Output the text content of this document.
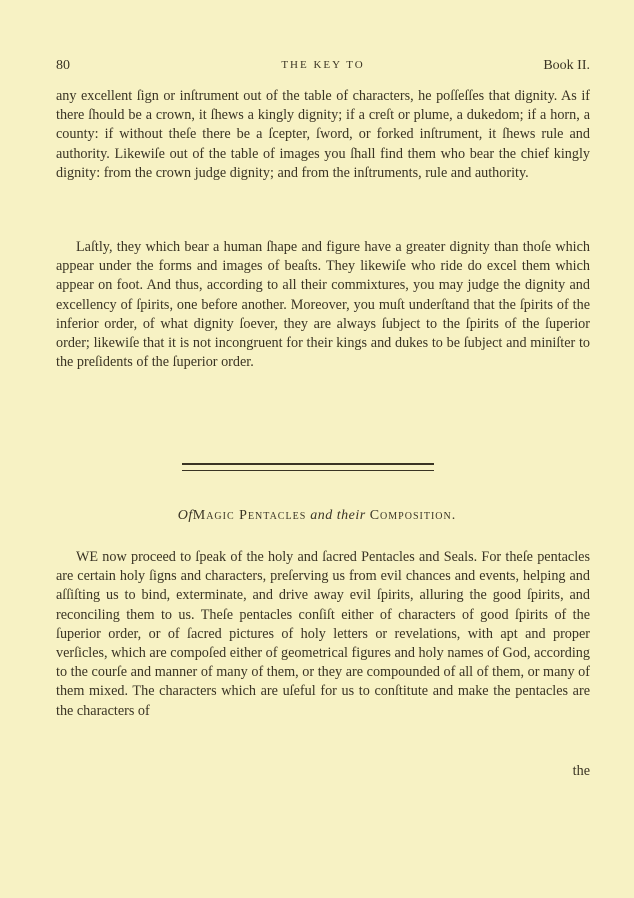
80	THE KEY TO	Book II.

any excellent ſign or inſtrument out of the table of characters, he poſſeſſes that dignity. As if there ſhould be a crown, it ſhews a kingly dignity; if a creſt or plume, a dukedom; if a horn, a county: if without theſe there be a ſcepter, ſword, or forked inſtrument, it ſhews rule and authority. Likewiſe out of the table of images you ſhall find them who bear the chief kingly dignity: from the crown judge dignity; and from the inſtruments, rule and authority.

Laſtly, they which bear a human ſhape and figure have a greater dignity than thoſe which appear under the forms and images of beaſts. They likewiſe who ride do excel them which appear on foot. And thus, according to all their commixtures, you may judge the dignity and excellency of ſpirits, one before another. Moreover, you muſt underſtand that the ſpirits of the inferior order, of what dignity ſoever, they are always ſubject to the ſpirits of the ſuperior order; likewiſe that it is not incongruent for their kings and dukes to be ſubject and miniſter to the preſidents of the ſuperior order.

OfMagic Pentacles and their Composition.

WE now proceed to ſpeak of the holy and ſacred Pentacles and Seals. For theſe pentacles are certain holy ſigns and characters, preſerving us from evil chances and events, helping and aſſiſting us to bind, exterminate, and drive away evil ſpirits, alluring the good ſpirits, and reconciling them to us. Theſe pentacles conſiſt either of characters of good ſpirits of the ſuperior order, or of ſacred pictures of holy letters or revelations, with apt and proper verſicles, which are compoſed either of geometrical figures and holy names of God, according to the courſe and manner of many of them, or they are compounded of all of them, or many of them mixed. The characters which are uſeful for us to conſtitute and make the pentacles are the characters of

the
